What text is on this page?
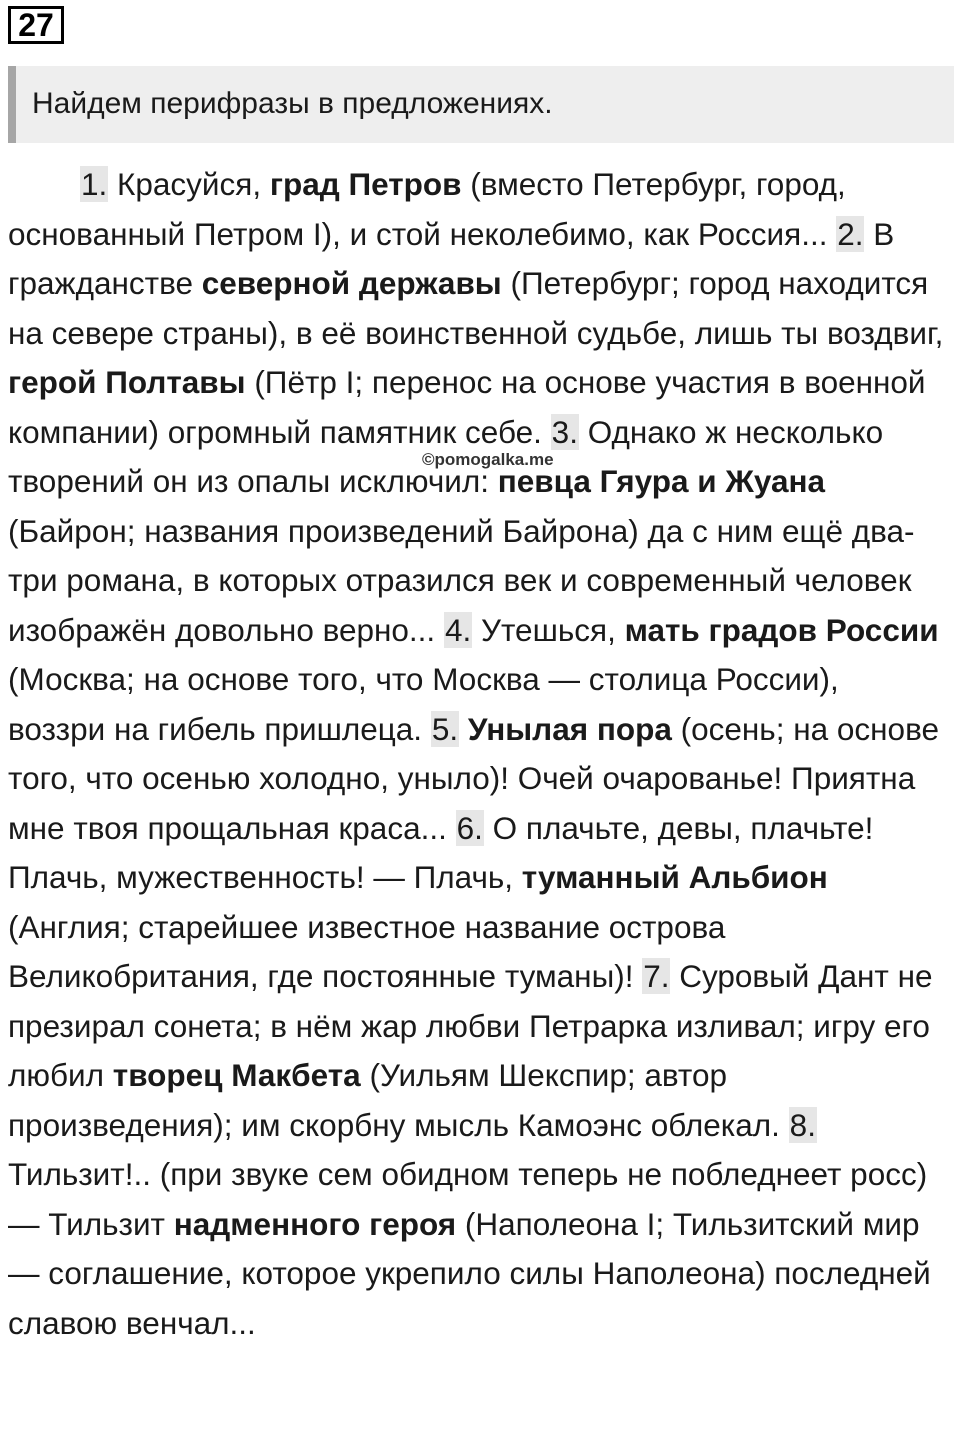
27
Найдем перифразы в предложениях.

1. Красуйся, град Петров (вместо Петербург, город, основанный Петром I), и стой неколебимо, как Россия... 2. В гражданстве северной державы (Петербург; город находится на севере страны), в её воинственной судьбе, лишь ты воздвиг, герой Полтавы (Пётр I; перенос на основе участия в военной компании) огромный памятник себе. 3. Однако ж несколько творений он из опалы исключил: певца Гяура и Жуана (Байрон; названия произведений Байрона) да с ним ещё два-три романа, в которых отразился век и современный человек изображён довольно верно... 4. Утешься, мать градов России (Москва; на основе того, что Москва — столица России), воззри на гибель пришлеца. 5. Унылая пора (осень; на основе того, что осенью холодно, уныло)! Очей очарованье! Приятна мне твоя прощальная краса... 6. О плачьте, девы, плачьте! Плачь, мужественность! — Плачь, туманный Альбион (Англия; старейшее известное название острова Великобритания, где постоянные туманы)! 7. Суровый Дант не презирал сонета; в нём жар любви Петрарка изливал; игру его любил творец Макбета (Уильям Шекспир; автор произведения); им скорбну мысль Камоэнс облекал. 8. Тильзит!.. (при звуке сем обидном теперь не побледнеет росс) — Тильзит надменного героя (Наполеона I; Тильзитский мир — соглашение, которое укрепило силы Наполеона) последней славою венчал...

©pomogalka.me
